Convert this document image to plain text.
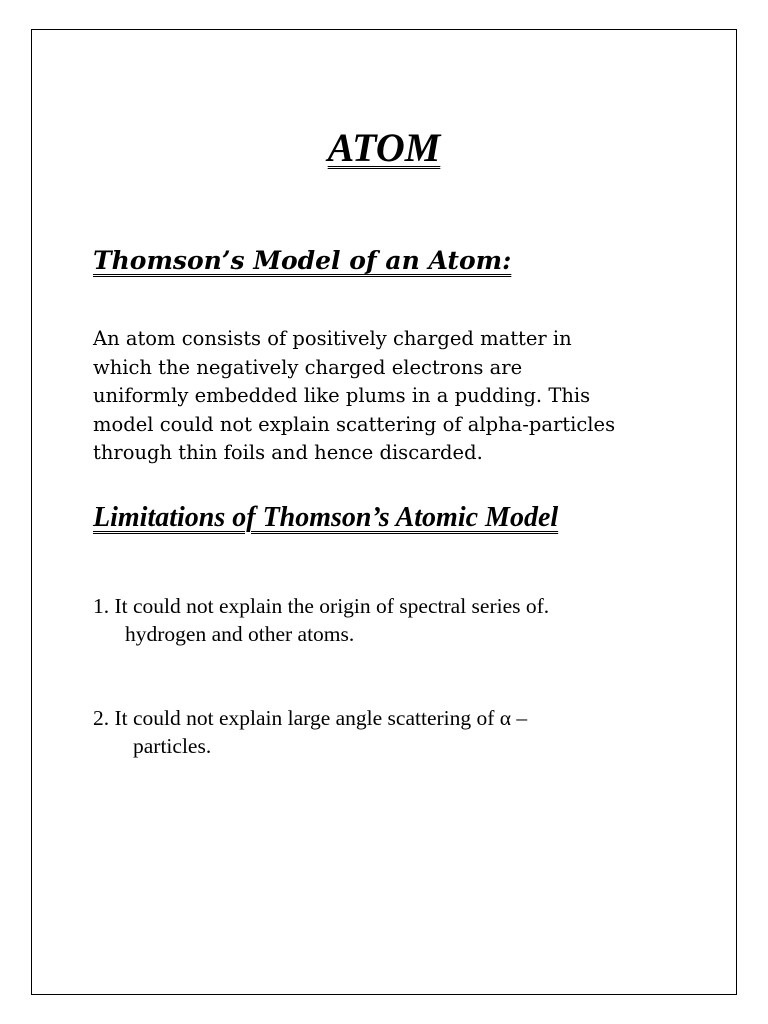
ATOM
Thomson’s Model of an Atom:
An atom consists of positively charged matter in
which the negatively charged electrons are
uniformly embedded like plums in a pudding. This
model could not explain scattering of alpha-particles
through thin foils and hence discarded.
Limitations of Thomson’s Atomic Model
1. It could not explain the origin of spectral series of.
hydrogen and other atoms.
2. It could not explain large angle scattering of α –
particles.
